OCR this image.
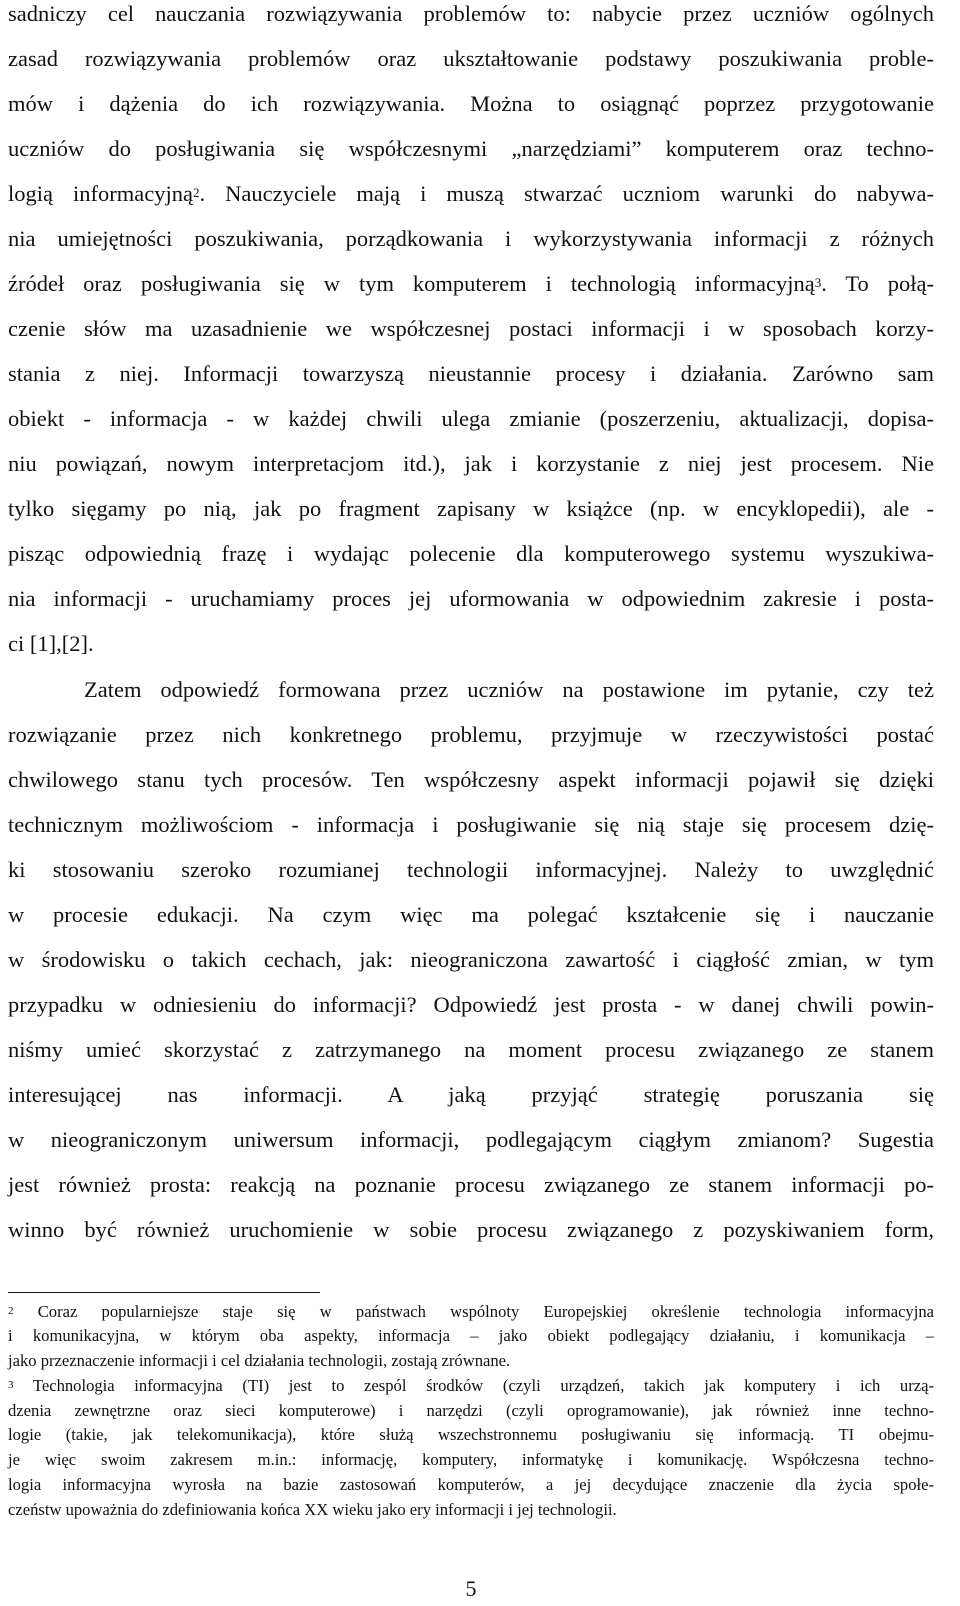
sadniczy cel nauczania rozwiązywania problemów to: nabycie przez uczniów ogólnych
zasad rozwiązywania problemów oraz ukształtowanie podstawy poszukiwania proble-
mów i dążenia do ich rozwiązywania. Można to osiągnąć poprzez przygotowanie
uczniów do posługiwania się współczesnymi „narzędziami” komputerem oraz techno-
logią informacyjną$^2$. Nauczyciele mają i muszą stwarzać uczniom warunki do nabywa-
nia umiejętności poszukiwania, porządkowania i wykorzystywania informacji z różnych
źródeł oraz posługiwania się w tym komputerem i technologią informacyjną$^3$. To połą-
czenie słów ma uzasadnienie we współczesnej postaci informacji i w sposobach korzy-
stania z niej. Informacji towarzyszą nieustannie procesy i działania. Zarówno sam
obiekt - informacja - w każdej chwili ulega zmianie (poszerzeniu, aktualizacji, dopisa-
niu powiązań, nowym interpretacjom itd.), jak i korzystanie z niej jest procesem. Nie
tylko sięgamy po nią, jak po fragment zapisany w książce (np. w encyklopedii), ale -
pisząc odpowiednią frazę i wydając polecenie dla komputerowego systemu wyszukiwa-
nia informacji - uruchamiamy proces jej uformowania w odpowiednim zakresie i posta-
ci [1],[2].
Zatem odpowiedź formowana przez uczniów na postawione im pytanie, czy też
rozwiązanie przez nich konkretnego problemu, przyjmuje w rzeczywistości postać
chwilowego stanu tych procesów. Ten współczesny aspekt informacji pojawił się dzięki
technicznym możliwościom - informacja i posługiwanie się nią staje się procesem dzię-
ki stosowaniu szeroko rozumianej technologii informacyjnej. Należy to uwzględnić
w procesie edukacji. Na czym więc ma polegać kształcenie się i nauczanie
w środowisku o takich cechach, jak: nieograniczona zawartość i ciągłość zmian, w tym
przypadku w odniesieniu do informacji? Odpowiedź jest prosta - w danej chwili powin-
niśmy umieć skorzystać z zatrzymanego na moment procesu związanego ze stanem
interesującej nas informacji. A jaką przyjąć strategię poruszania się
w nieograniczonym uniwersum informacji, podlegającym ciągłym zmianom? Sugestia
jest również prosta: reakcją na poznanie procesu związanego ze stanem informacji po-
winno być również uruchomienie w sobie procesu związanego z pozyskiwaniem form,
$^2$ Coraz popularniejsze staje się w państwach wspólnoty Europejskiej określenie technologia informacyjna
i komunikacyjna, w którym oba aspekty, informacja – jako obiekt podlegający działaniu, i komunikacja –
jako przeznaczenie informacji i cel działania technologii, zostają zrównane.
$^3$ Technologia informacyjna (TI) jest to zespól środków (czyli urządzeń, takich jak komputery i ich urzą-
dzenia zewnętrzne oraz sieci komputerowe) i narzędzi (czyli oprogramowanie), jak również inne techno-
logie (takie, jak telekomunikacja), które służą wszechstronnemu posługiwaniu się informacją. TI obejmu-
je więc swoim zakresem m.in.: informację, komputery, informatykę i komunikację. Współczesna techno-
logia informacyjna wyrosła na bazie zastosowań komputerów, a jej decydujące znaczenie dla życia społe-
czeństw upoważnia do zdefiniowania końca XX wieku jako ery informacji i jej technologii.
5
